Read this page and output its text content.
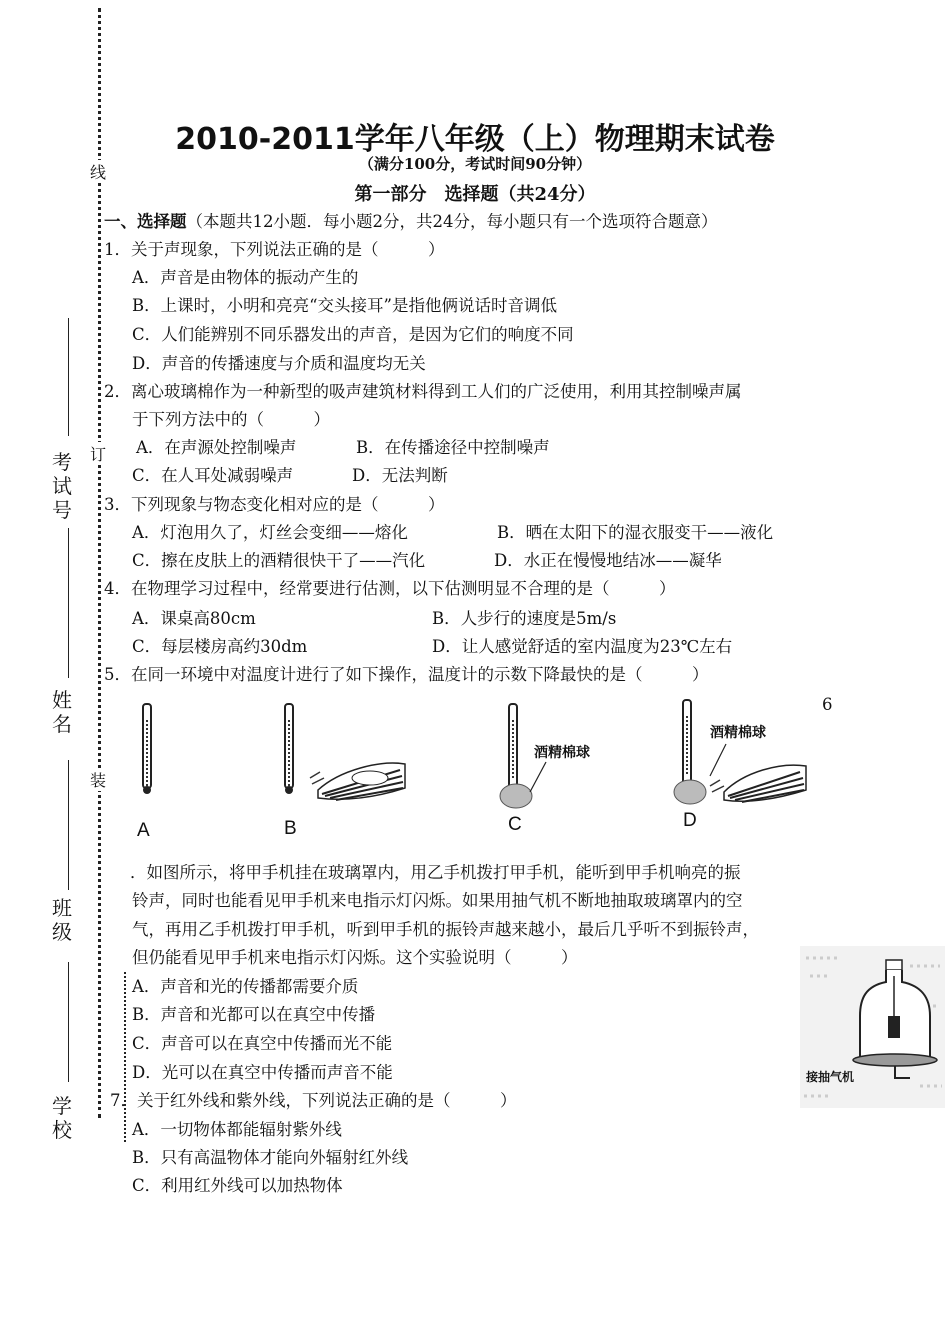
线
订
装
考试号
姓名
班级
学校
2010-2011学年八年级（上）物理期末试卷
（满分100分，考试时间90分钟）
第一部分　选择题（共24分）
一、选择题（本题共12小题．每小题2分，共24分，每小题只有一个选项符合题意）
1．关于声现象，下列说法正确的是（　　　）
A．声音是由物体的振动产生的
B．上课时，小明和亮亮“交头接耳”是指他俩说话时音调低
C．人们能辨别不同乐器发出的声音，是因为它们的响度不同
D．声音的传播速度与介质和温度均无关
2．离心玻璃棉作为一种新型的吸声建筑材料得到工人们的广泛使用，利用其控制噪声属
于下列方法中的（　　　）
A．在声源处控制噪声	B．在传播途径中控制噪声
C．在人耳处减弱噪声	D．无法判断
3．下列现象与物态变化相对应的是（　　　）
A．灯泡用久了，灯丝会变细——熔化	B．晒在太阳下的湿衣服变干——液化
C．擦在皮肤上的酒精很快干了——汽化	D．水正在慢慢地结冰——凝华
4．在物理学习过程中，经常要进行估测，以下估测明显不合理的是（　　　）
A．课桌高80cm	B．人步行的速度是5m/s
C．每层楼房高约30dm	D．让人感觉舒适的室内温度为23℃左右
5．在同一环境中对温度计进行了如下操作，温度计的示数下降最快的是（　　　）
6
A	B
酒精棉球
C
酒精棉球
D
．如图所示，将甲手机挂在玻璃罩内，用乙手机拨打甲手机，能听到甲手机响亮的振
铃声，同时也能看见甲手机来电指示灯闪烁。如果用抽气机不断地抽取玻璃罩内的空
气，再用乙手机拨打甲手机，听到甲手机的振铃声越来越小，最后几乎听不到振铃声，
但仍能看见甲手机来电指示灯闪烁。这个实验说明（　　　）
A．声音和光的传播都需要介质
B．声音和光都可以在真空中传播
C．声音可以在真空中传播而光不能
D．光可以在真空中传播而声音不能	接抽气机
7．关于红外线和紫外线，下列说法正确的是（　　　）
A．一切物体都能辐射紫外线
B．只有高温物体才能向外辐射红外线
C．利用红外线可以加热物体
